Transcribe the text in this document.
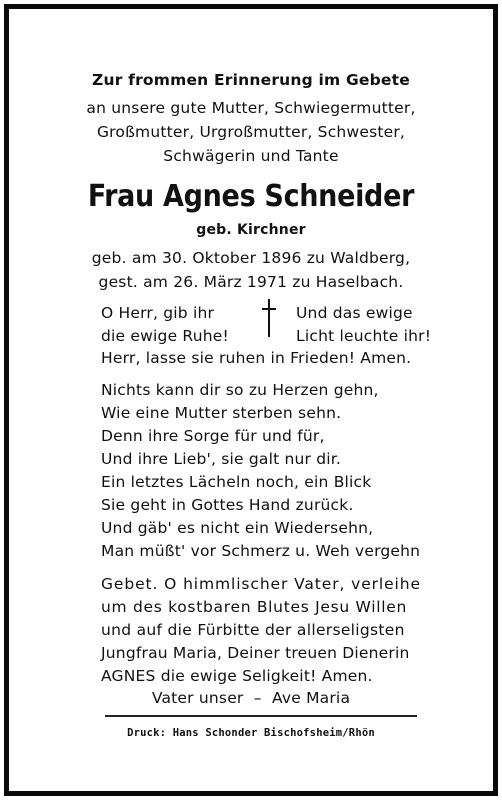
Zur frommen Erinnerung im Gebete
an unsere gute Mutter, Schwiegermutter,
Großmutter, Urgroßmutter, Schwester,
Schwägerin und Tante
Frau Agnes Schneider
geb. Kirchner
geb. am 30. Oktober 1896 zu Waldberg,
gest. am 26. März 1971 zu Haselbach.
O Herr, gib ihr
die ewige Ruhe!
Und das ewige
Licht leuchte ihr!
Herr, lasse sie ruhen in Frieden! Amen.
Nichts kann dir so zu Herzen gehn,
Wie eine Mutter sterben sehn.
Denn ihre Sorge für und für,
Und ihre Lieb', sie galt nur dir.
Ein letztes Lächeln noch, ein Blick
Sie geht in Gottes Hand zurück.
Und gäb' es nicht ein Wiedersehn,
Man müßt' vor Schmerz u. Weh vergehn
Gebet. O himmlischer Vater, verleihe
um des kostbaren Blutes Jesu Willen
und auf die Fürbitte der allerseligsten
Jungfrau Maria, Deiner treuen Dienerin
AGNES die ewige Seligkeit! Amen.
Vater unser  –  Ave Maria
Druck: Hans Schonder Bischofsheim/Rhön
